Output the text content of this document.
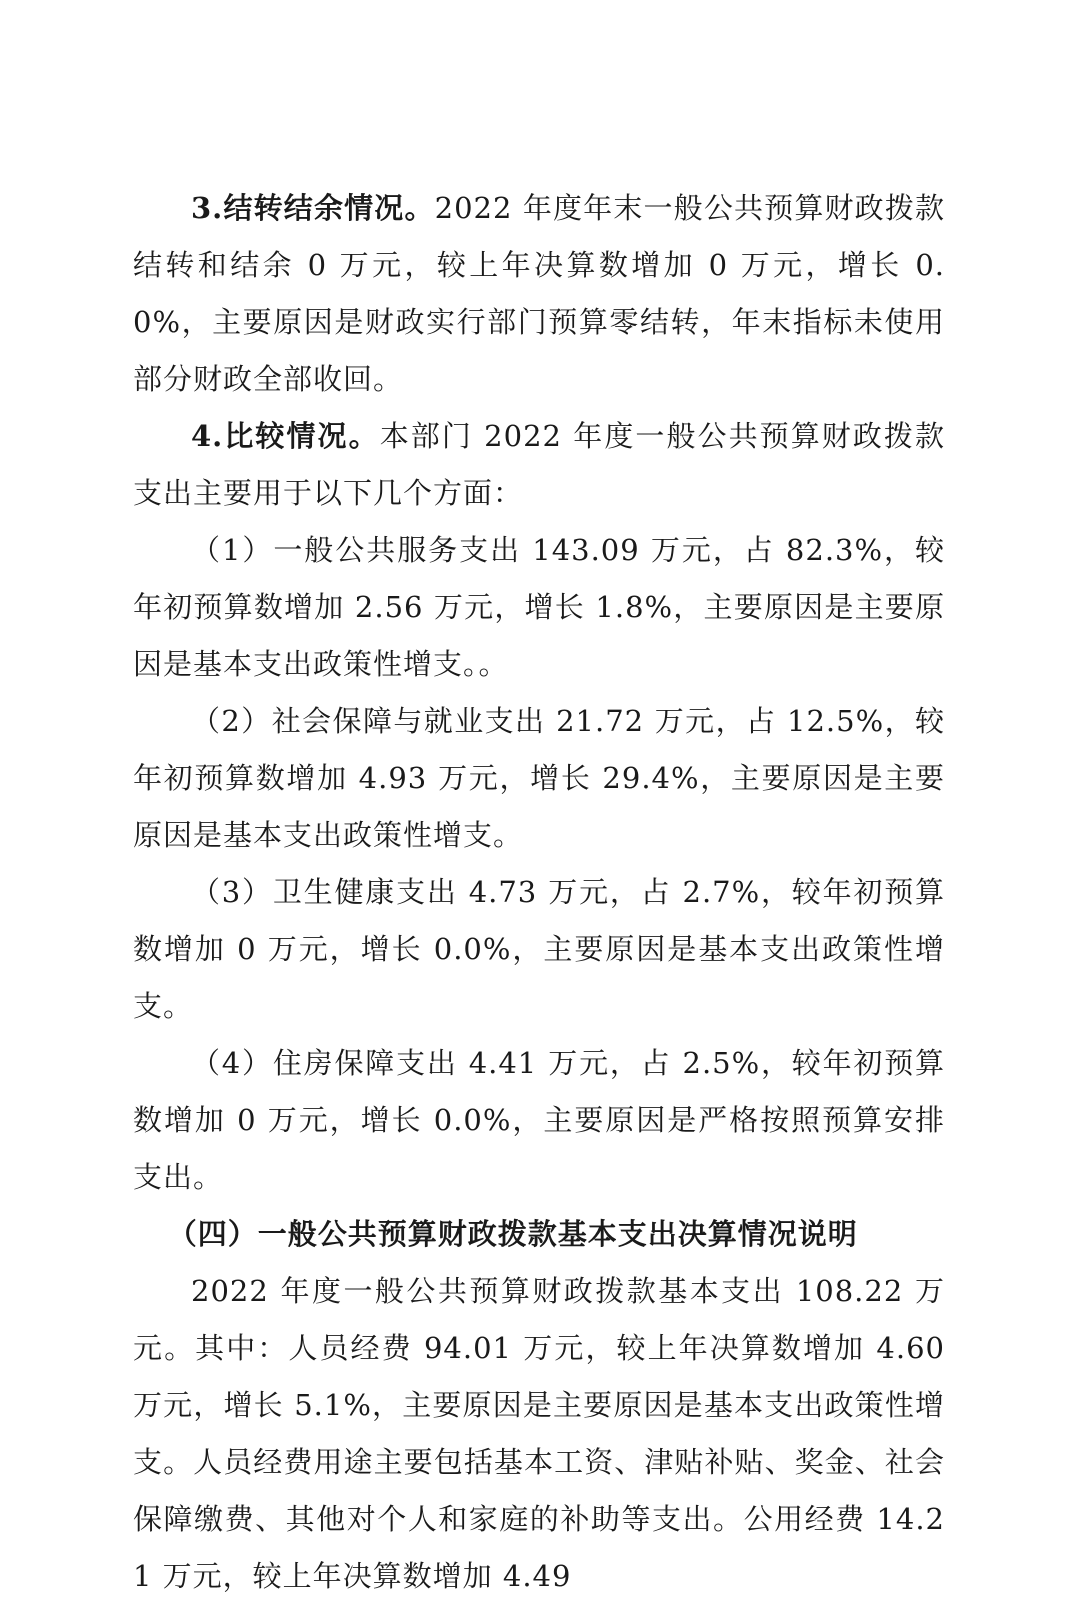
3.结转结余情况。2022 年度年末一般公共预算财政拨款结转和结余 0 万元，较上年决算数增加 0 万元，增长 0.0%，主要原因是财政实行部门预算零结转，年末指标未使用部分财政全部收回。

4.比较情况。本部门 2022 年度一般公共预算财政拨款支出主要用于以下几个方面：

（1）一般公共服务支出 143.09 万元，占 82.3%，较年初预算数增加 2.56 万元，增长 1.8%，主要原因是主要原因是基本支出政策性增支。。

（2）社会保障与就业支出 21.72 万元，占 12.5%，较年初预算数增加 4.93 万元，增长 29.4%，主要原因是主要原因是基本支出政策性增支。

（3）卫生健康支出 4.73 万元，占 2.7%，较年初预算数增加 0 万元，增长 0.0%，主要原因是基本支出政策性增支。

（4）住房保障支出 4.41 万元，占 2.5%，较年初预算数增加 0 万元，增长 0.0%，主要原因是严格按照预算安排支出。

（四）一般公共预算财政拨款基本支出决算情况说明

2022 年度一般公共预算财政拨款基本支出 108.22 万元。其中：人员经费 94.01 万元，较上年决算数增加 4.60 万元，增长 5.1%，主要原因是主要原因是基本支出政策性增支。人员经费用途主要包括基本工资、津贴补贴、奖金、社会保障缴费、其他对个人和家庭的补助等支出。公用经费 14.21 万元，较上年决算数增加 4.49
